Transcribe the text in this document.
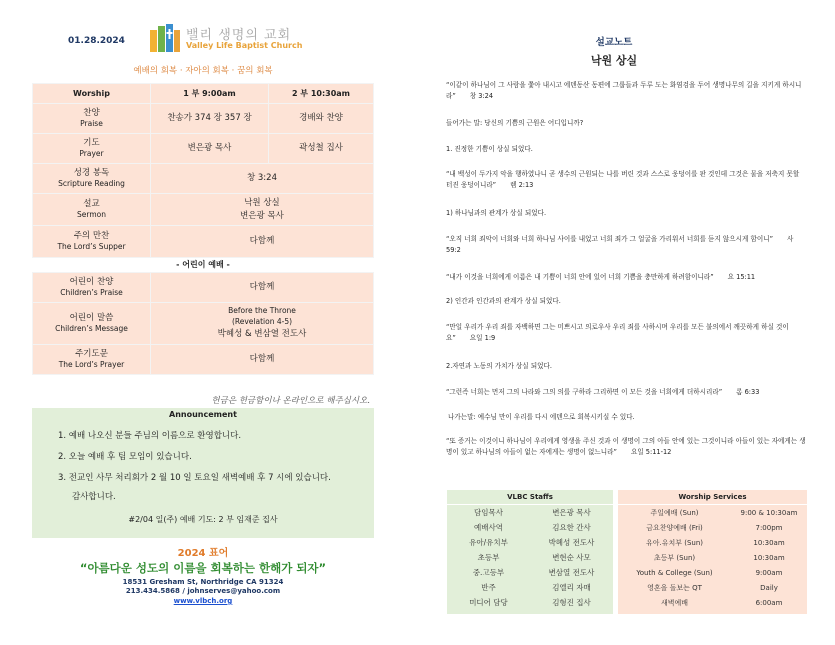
01.28.2024	밸리 생명의 교회
Valley Life Baptist Church
예배의 회복 · 자아의 회복 · 꿈의 회복
Worship	1 부 9:00am	2 부 10:30am

찬양
Praise	찬송가 374 장 357 장	경배와 찬양

기도
Prayer	변은광 목사	곽성철 집사

성경 봉독
Scripture Reading	창 3:24	

설교
Sermon	낙원 상실
변은광 목사	

주의 만찬
The Lord’s Supper	다함께	
- 어린이 예배 -		

어린이 찬양
Children’s Praise	다함께	

어린이 말씀
Children’s Message	Before the Throne
(Revelation 4-5)
박혜성 & 변삼열 전도사	

주기도문
The Lord’s Prayer	다함께	
헌금은 헌금함이나 온라인으로 해주십시오.
Announcement
1. 예배 나오신 분들 주님의 이름으로 환영합니다.
2. 오늘 예배 후 팀 모임이 있습니다.
3. 전교인 사무 처리회가 2 월 10 일 토요일 새벽예배 후 7 시에 있습니다.
감사합니다.
#2/04 일(주) 예배 기도: 2 부 임재준 집사
2024 표어
“아름다운 성도의 이름을 회복하는 한해가 되자”
18531 Gresham St, Northridge CA 91324
213.434.5868 / johnserves@yahoo.com
www.vlbch.org
설교노트
낙원 상실

“이같이 하나님이 그 사람을 쫓아 내시고 에덴동산 동편에 그룹들과 두루 도는 화염검을 두어 생명나무의 길을 지키게 하시니라” 창 3:24

들어가는 말: 당신의 기쁨의 근원은 어디입니까?

1. 진정한 기쁨이 상실 되었다.

“내 백성이 두가지 악을 행하였나니 곧 생수의 근원되는 나를 버린 것과 스스로 웅덩이를 판 것인데 그것은 물을 저축지 못할 터진 웅덩이니라” 렘 2:13

1) 하나님과의 관계가 상실 되었다.

“오직 너희 죄악이 너희와 너희 하나님 사이를 내었고 너희 죄가 그 얼굴을 가리워서 너희를 듣지 않으시게 함이니” 사 59:2

“내가 이것을 너희에게 이름은 내 기쁨이 너희 안에 있어 너희 기쁨을 충만하게 하려함이니라” 요 15:11

2) 인간과 인간과의 관계가 상실 되었다.

“만일 우리가 우리 죄를 자백하면 그는 미쁘시고 의로우사 우리 죄를 사하시며 우리를 모든 불의에서 깨끗하게 하실 것이요” 요일 1:9

2.자연과 노동의 가치가 상실 되었다.

“그런즉 너희는 먼저 그의 나라와 그의 의를 구하라 그리하면 이 모든 것을 너희에게 더하시리라” 롬 6:33

나가는말: 예수님 만이 우리를 다시 에덴으로 회복시키실 수 있다.

“또 증거는 이것이니 하나님이 우리에게 영생을 주신 것과 이 생명이 그의 아들 안에 있는 그것이니라 아들이 있는 자에게는 생명이 있고 하나님의 아들이 없는 자에게는 생명이 없느니라” 요일 5:11-12

VLBC Staffs
담임목사	변은광 목사
예배사역	김요한 간사
유아/유치부	박혜성 전도사
초등부	변현순 사모
중.고등부	변삼열 전도사
반주	김엘리 자매
미디어 담당	김형진 집사
Worship Services
주일예배 (Sun)	9:00 & 10:30am
금요찬양예배 (Fri)	7:00pm
유아.유치부 (Sun)	10:30am
초등부 (Sun)	10:30am
Youth & College (Sun)	9:00am
영혼을 돌보는 QT	Daily
새벽예배	6:00am
